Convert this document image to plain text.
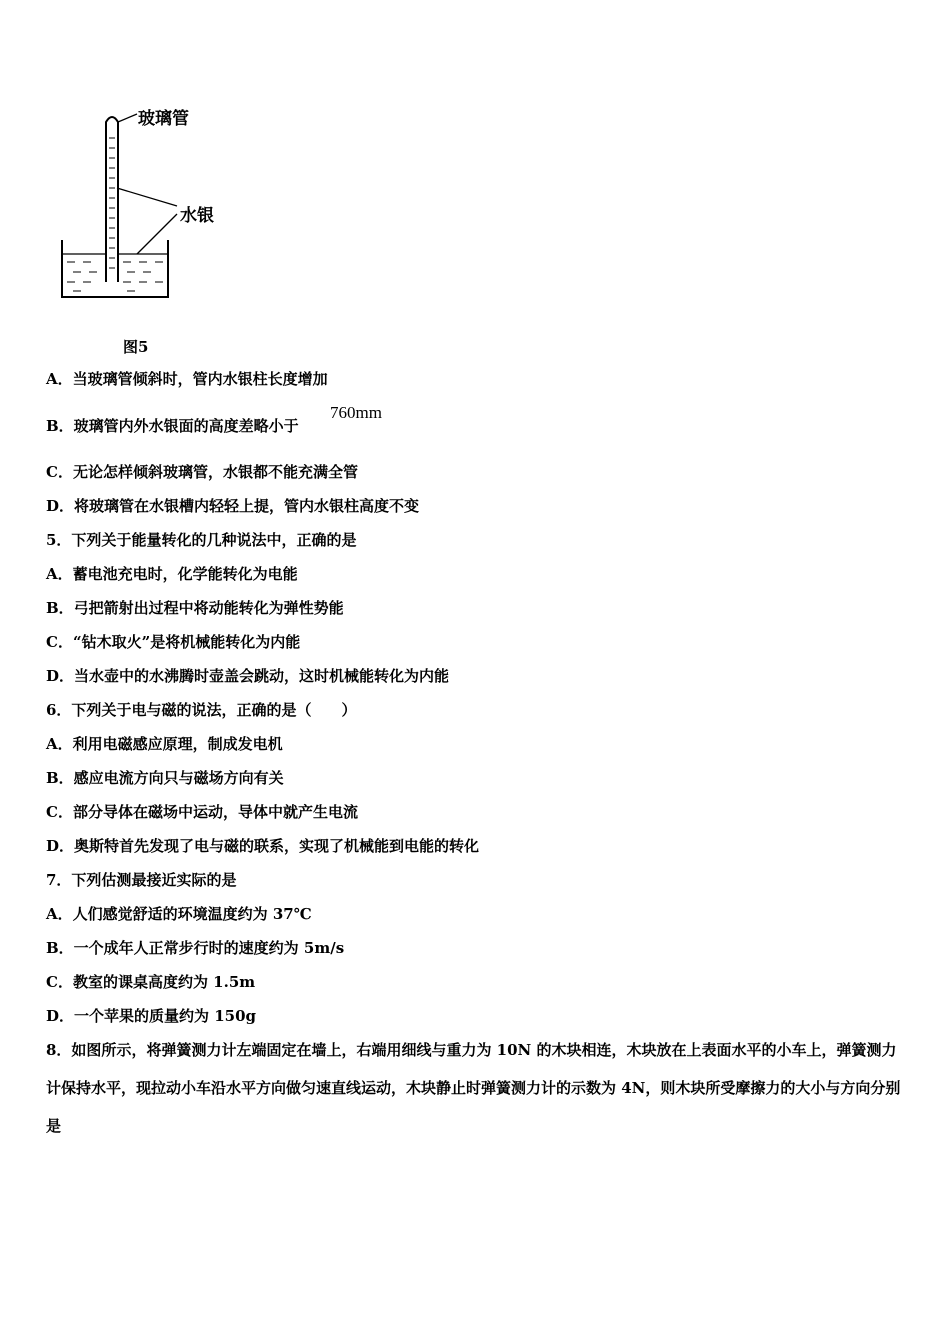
玻璃管
水银
图5
A．当玻璃管倾斜时，管内水银柱长度增加
B．玻璃管内外水银面的高度差略小于
760mm
C．无论怎样倾斜玻璃管，水银都不能充满全管
D．将玻璃管在水银槽内轻轻上提，管内水银柱高度不变
5．下列关于能量转化的几种说法中，正确的是
A．蓄电池充电时，化学能转化为电能
B．弓把箭射出过程中将动能转化为弹性势能
C．“钻木取火”是将机械能转化为内能
D．当水壶中的水沸腾时壶盖会跳动，这时机械能转化为内能
6．下列关于电与磁的说法，正确的是（　　）
A．利用电磁感应原理，制成发电机
B．感应电流方向只与磁场方向有关
C．部分导体在磁场中运动，导体中就产生电流
D．奥斯特首先发现了电与磁的联系，实现了机械能到电能的转化
7．下列估测最接近实际的是
A．人们感觉舒适的环境温度约为 37℃
B．一个成年人正常步行时的速度约为 5m/s
C．教室的课桌高度约为 1.5m
D．一个苹果的质量约为 150g
8．如图所示，将弹簧测力计左端固定在墙上，右端用细线与重力为 10N 的木块相连，木块放在上表面水平的小车上，弹簧测力计保持水平，现拉动小车沿水平方向做匀速直线运动，木块静止时弹簧测力计的示数为 4N，则木块所受摩擦力的大小与方向分别是
